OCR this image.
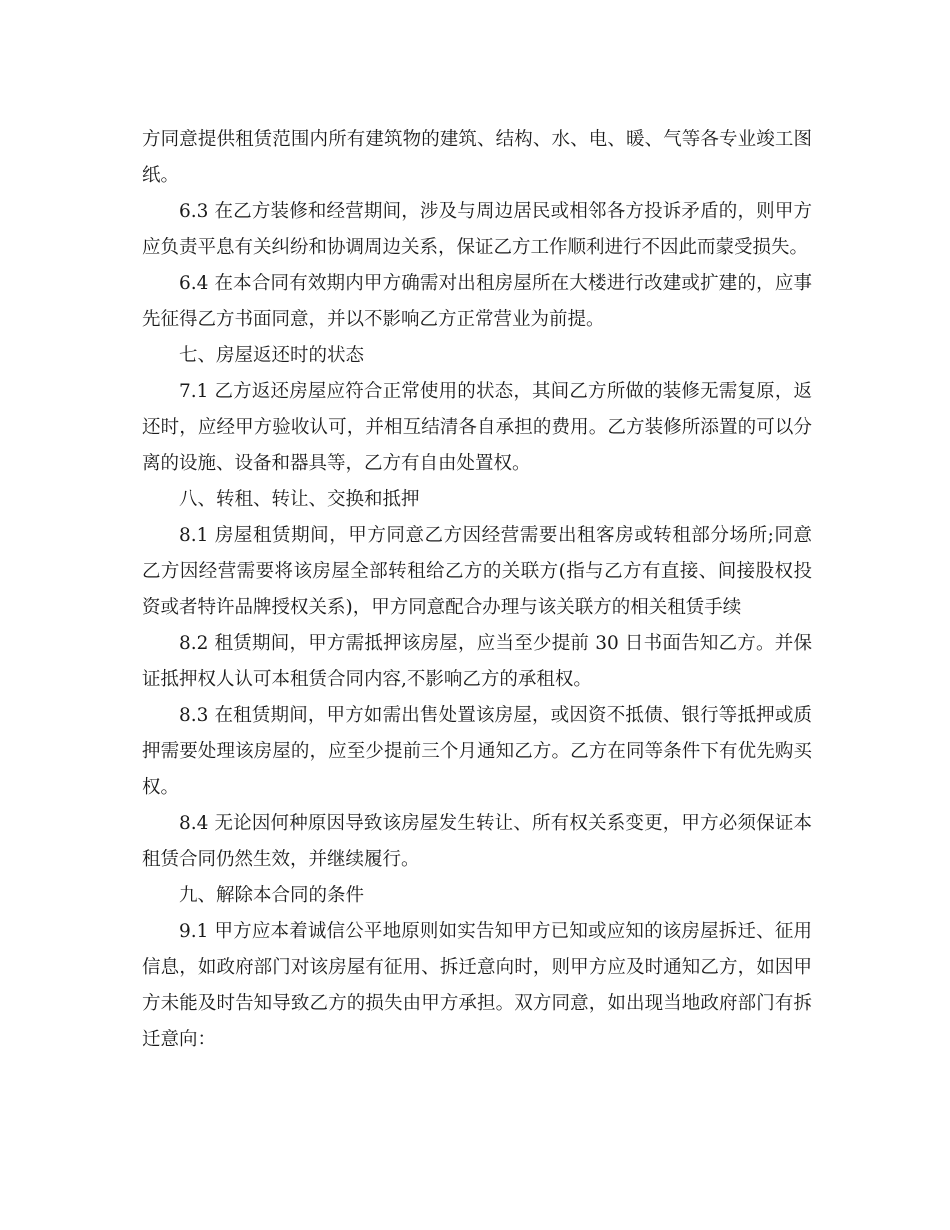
方同意提供租赁范围内所有建筑物的建筑、结构、水、电、暖、气等各专业竣工图纸。

6.3 在乙方装修和经营期间，涉及与周边居民或相邻各方投诉矛盾的，则甲方应负责平息有关纠纷和协调周边关系，保证乙方工作顺利进行不因此而蒙受损失。

6.4 在本合同有效期内甲方确需对出租房屋所在大楼进行改建或扩建的，应事先征得乙方书面同意，并以不影响乙方正常营业为前提。

七、房屋返还时的状态

7.1 乙方返还房屋应符合正常使用的状态，其间乙方所做的装修无需复原，返还时，应经甲方验收认可，并相互结清各自承担的费用。乙方装修所添置的可以分离的设施、设备和器具等，乙方有自由处置权。

八、转租、转让、交换和抵押

8.1 房屋租赁期间，甲方同意乙方因经营需要出租客房或转租部分场所;同意乙方因经营需要将该房屋全部转租给乙方的关联方(指与乙方有直接、间接股权投资或者特许品牌授权关系)，甲方同意配合办理与该关联方的相关租赁手续

8.2 租赁期间，甲方需抵押该房屋，应当至少提前 30 日书面告知乙方。并保证抵押权人认可本租赁合同内容,不影响乙方的承租权。

8.3 在租赁期间，甲方如需出售处置该房屋，或因资不抵债、银行等抵押或质押需要处理该房屋的，应至少提前三个月通知乙方。乙方在同等条件下有优先购买权。

8.4 无论因何种原因导致该房屋发生转让、所有权关系变更，甲方必须保证本租赁合同仍然生效，并继续履行。

九、解除本合同的条件

9.1 甲方应本着诚信公平地原则如实告知甲方已知或应知的该房屋拆迁、征用信息，如政府部门对该房屋有征用、拆迁意向时，则甲方应及时通知乙方，如因甲方未能及时告知导致乙方的损失由甲方承担。双方同意，如出现当地政府部门有拆迁意向：
